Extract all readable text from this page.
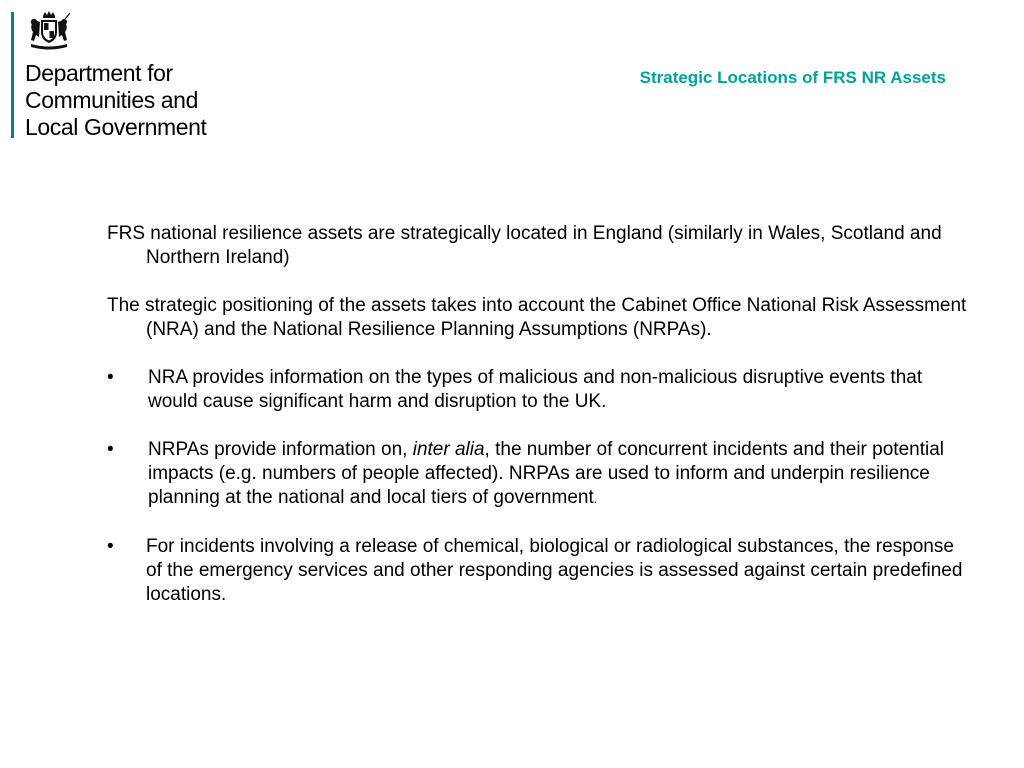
Department for
Communities and
Local Government
Strategic Locations of FRS NR Assets

FRS national resilience assets are strategically located in England (similarly in Wales, Scotland and Northern Ireland)

The strategic positioning of the assets takes into account the Cabinet Office National Risk Assessment (NRA) and the National Resilience Planning Assumptions (NRPAs).

•	NRA provides information on the types of malicious and non-malicious disruptive events that would cause significant harm and disruption to the UK.
•	NRPAs provide information on, inter alia, the number of concurrent incidents and their potential impacts (e.g. numbers of people affected). NRPAs are used to inform and underpin resilience planning at the national and local tiers of government.
•	For incidents involving a release of chemical, biological or radiological substances, the response of the emergency services and other responding agencies is assessed against certain predefined locations.
